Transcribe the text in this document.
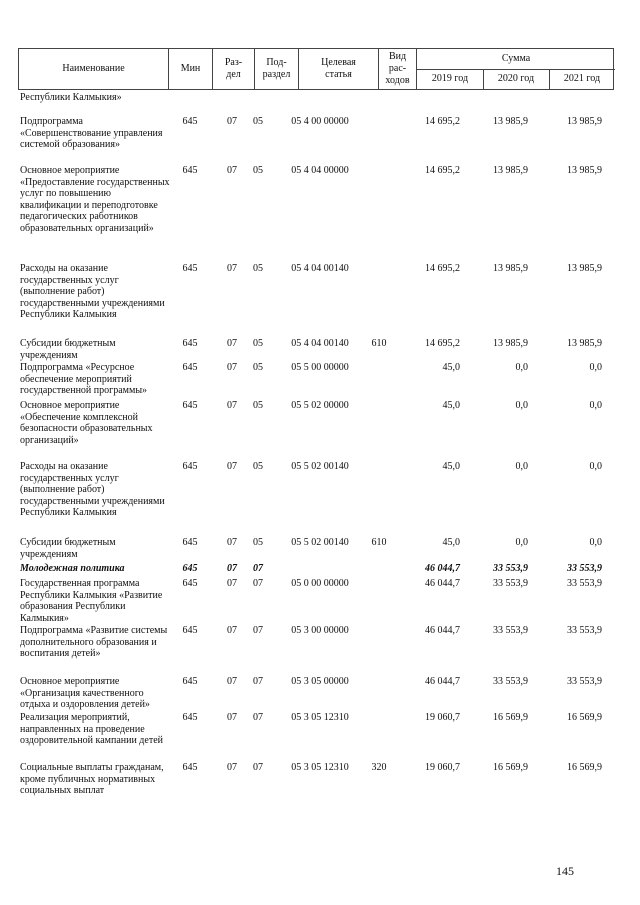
Наименование	Мин
Раз-
дел
Под-
раздел
Целевая
статья
Вид
рас-
ходов
Сумма
2019 год	2020 год	2021 год
Республики Калмыкия»
Подпрограмма «Совершенствование управления системой образования»
645	07	05	05 4 00 00000	14 695,2	13 985,9	13 985,9
Основное мероприятие «Предоставление государственных услуг по повышению квалификации и переподготовке педагогических работников образовательных организаций»
645	07	05	05 4 04 00000	14 695,2	13 985,9	13 985,9
Расходы на оказание государственных услуг (выполнение работ) государственными учреждениями Республики Калмыкия
645	07	05	05 4 04 00140	14 695,2	13 985,9	13 985,9
Субсидии бюджетным учреждениям
645	07	05	05 4 04 00140	610	14 695,2	13 985,9	13 985,9
Подпрограмма «Ресурсное обеспечение мероприятий государственной программы»
645	07	05	05 5 00 00000	45,0	0,0	0,0
Основное мероприятие «Обеспечение комплексной безопасности образовательных организаций»
645	07	05	05 5 02 00000	45,0	0,0	0,0
Расходы на оказание государственных услуг (выполнение работ) государственными учреждениями Республики Калмыкия
645	07	05	05 5 02 00140	45,0	0,0	0,0
Субсидии бюджетным учреждениям
645	07	05	05 5 02 00140	610	45,0	0,0	0,0
Молодежная политика	645	07	07	46 044,7	33 553,9	33 553,9
Государственная программа Республики Калмыкия «Развитие образования Республики Калмыкия»
645	07	07	05 0 00 00000	46 044,7	33 553,9	33 553,9
Подпрограмма «Развитие системы дополнительного образования и воспитания детей»
645	07	07	05 3 00 00000	46 044,7	33 553,9	33 553,9
Основное мероприятие «Организация качественного отдыха и оздоровления детей»
645	07	07	05 3 05 00000	46 044,7	33 553,9	33 553,9
Реализация мероприятий, направленных на проведение оздоровительной кампании детей
645	07	07	05 3 05 12310	19 060,7	16 569,9	16 569,9
Социальные выплаты гражданам, кроме публичных нормативных социальных выплат
645	07	07	05 3 05 12310	320	19 060,7	16 569,9	16 569,9
145
